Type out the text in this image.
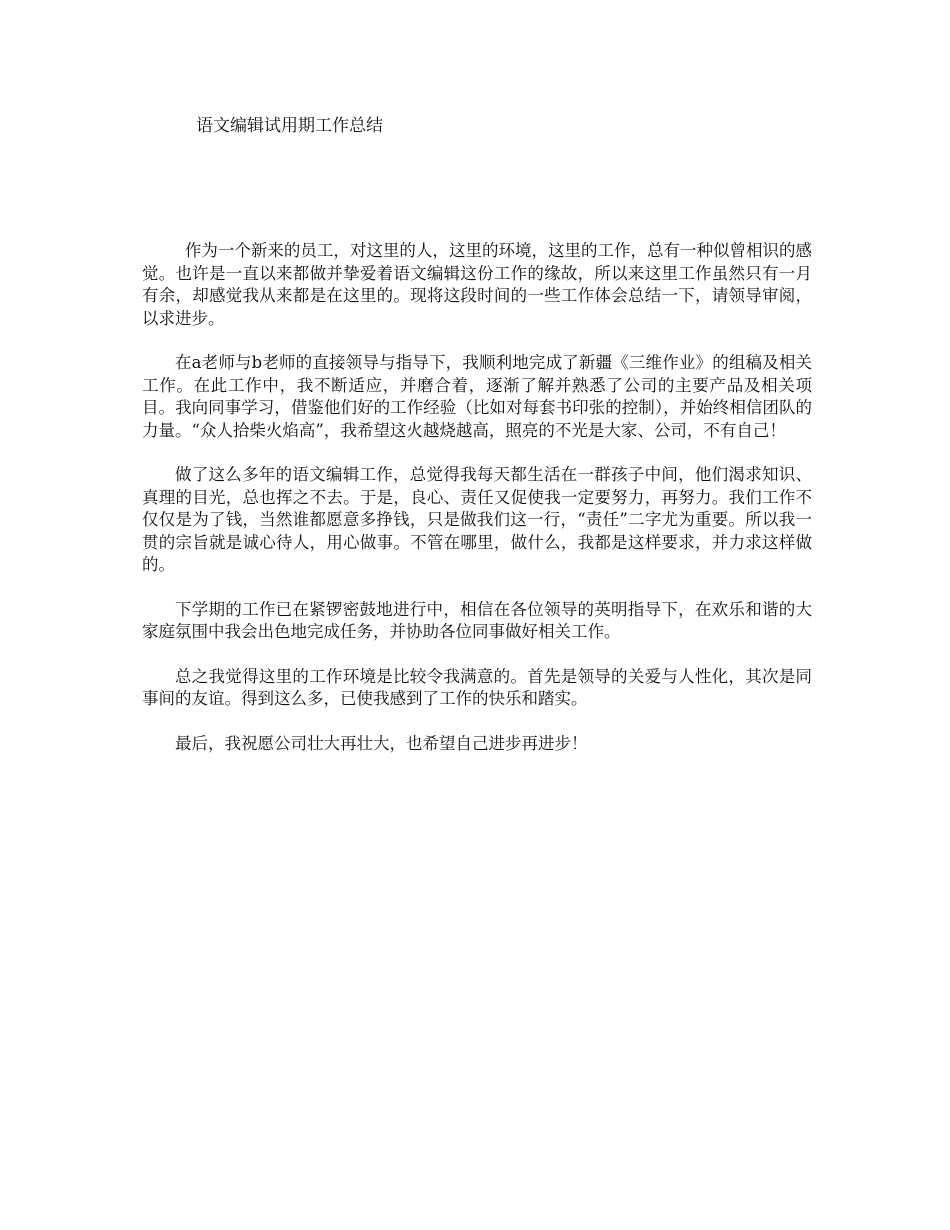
语文编辑试用期工作总结

作为一个新来的员工，对这里的人，这里的环境，这里的工作，总有一种似曾相识的感觉。也许是一直以来都做并挚爱着语文编辑这份工作的缘故，所以来这里工作虽然只有一月有余，却感觉我从来都是在这里的。现将这段时间的一些工作体会总结一下，请领导审阅，以求进步。

在a老师与b老师的直接领导与指导下，我顺利地完成了新疆《三维作业》的组稿及相关工作。在此工作中，我不断适应，并磨合着，逐渐了解并熟悉了公司的主要产品及相关项目。我向同事学习，借鉴他们好的工作经验（比如对每套书印张的控制），并始终相信团队的力量。“众人拾柴火焰高”，我希望这火越烧越高，照亮的不光是大家、公司，不有自己！

做了这么多年的语文编辑工作，总觉得我每天都生活在一群孩子中间，他们渴求知识、真理的目光，总也挥之不去。于是，良心、责任又促使我一定要努力，再努力。我们工作不仅仅是为了钱，当然谁都愿意多挣钱，只是做我们这一行，“责任”二字尤为重要。所以我一贯的宗旨就是诚心待人，用心做事。不管在哪里，做什么，我都是这样要求，并力求这样做的。

下学期的工作已在紧锣密鼓地进行中，相信在各位领导的英明指导下，在欢乐和谐的大家庭氛围中我会出色地完成任务，并协助各位同事做好相关工作。

总之我觉得这里的工作环境是比较令我满意的。首先是领导的关爱与人性化，其次是同事间的友谊。得到这么多，已使我感到了工作的快乐和踏实。

最后，我祝愿公司壮大再壮大，也希望自己进步再进步！
